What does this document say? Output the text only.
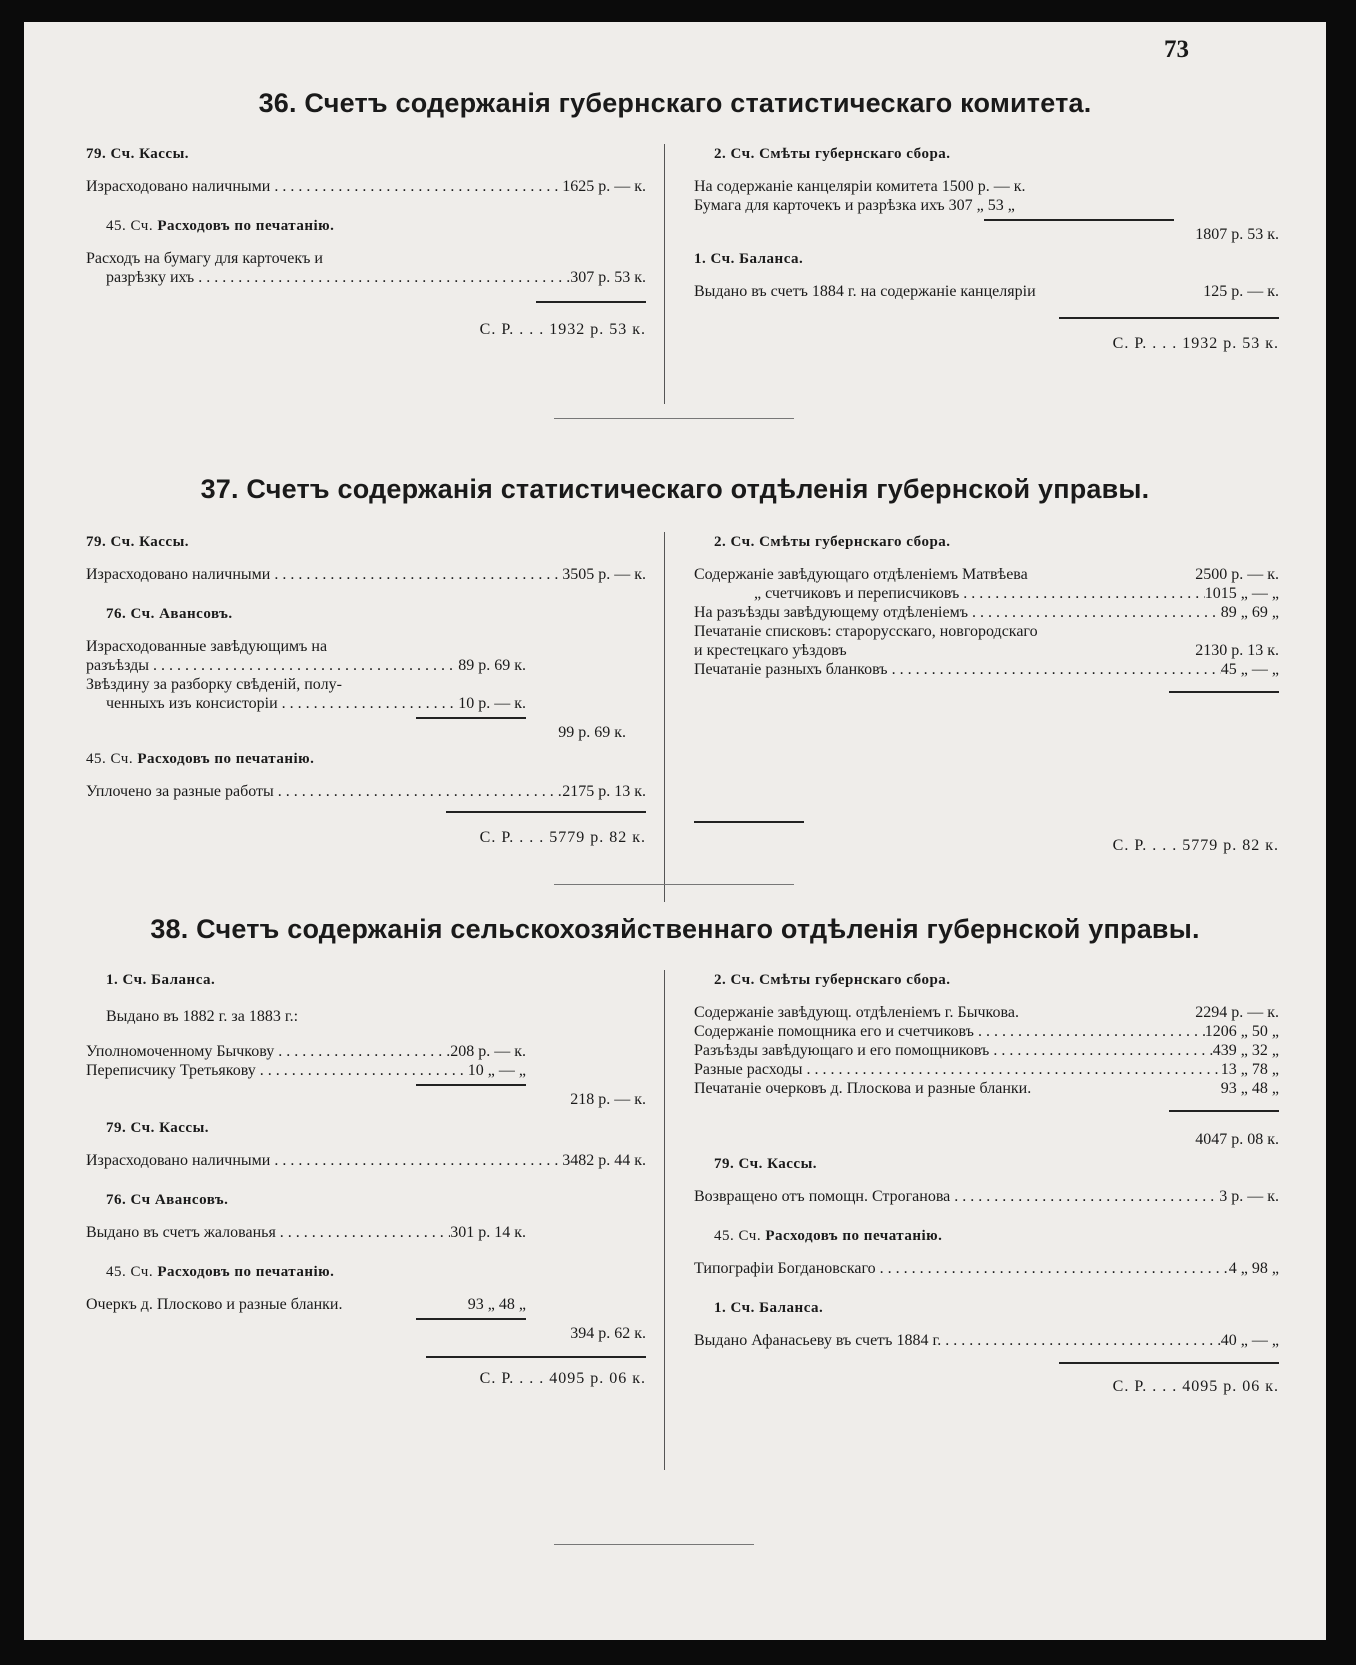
73
36. Счетъ содержанія губернскаго статистическаго комитета.
79. Сч. Кассы.
Израсходовано наличными . . .	1625 р. — к.
45. Сч. Расходовъ по печатанію.
Расходъ на бумагу для карточекъ и
разрѣзку ихъ . . .	307 р. 53 к.
С. Р. . . . 1932 р. 53 к.
2. Сч. Смѣты губернскаго сбора.
На содержаніе канцеляріи комитета 1500 р. — к.
Бумага для карточекъ и разрѣзка ихъ 307 „ 53 „
1807 р. 53 к.
1. Сч. Баланса.
Выдано въ счетъ 1884 г. на содержаніе канцеляріи	125 р. — к.
С. Р. . . . 1932 р. 53 к.
37. Счетъ содержанія статистическаго отдѣленія губернской управы.
79. Сч. Кассы.
Израсходовано наличными . . .	3505 р. — к.
76. Сч. Авансовъ.
Израсходованные завѣдующимъ на
разъѣзды . . .	89 р. 69 к.
Звѣздину за разборку свѣденій, полу-
ченныхъ изъ консисторіи . . .	10 р. — к.
99 р. 69 к.
45. Сч. Расходовъ по печатанію.
Уплочено за разные работы . . .	2175 р. 13 к.
С. Р. . . . 5779 р. 82 к.
2. Сч. Смѣты губернскаго сбора.
Содержаніе завѣдующаго отдѣленіемъ Матвѣева	2500 р. — к.
„ счетчиковъ и переписчиковъ . . .	1015 „ — „
На разъѣзды завѣдующему отдѣленіемъ . . .	89 „ 69 „
Печатаніе списковъ: старорусскаго, новгородскаго
и крестецкаго уѣздовъ	2130 р. 13 к.
Печатаніе разныхъ бланковъ . . .	45 „ — „
С. Р. . . . 5779 р. 82 к.
38. Счетъ содержанія сельскохозяйственнаго отдѣленія губернской управы.
1. Сч. Баланса.
Выдано въ 1882 г. за 1883 г.:
Уполномоченному Бычкову . . .	208 р. — к.
Переписчику Третьякову . . .	10 „ — „
218 р. — к.
79. Сч. Кассы.
Израсходовано наличными . . .	3482 р. 44 к.
76. Сч Авансовъ.
Выдано въ счетъ жалованья . . .	301 р. 14 к.
45. Сч. Расходовъ по печатанію.
Очеркъ д. Плосково и разные бланки.	93 „ 48 „
394 р. 62 к.
С. Р. . . . 4095 р. 06 к.
2. Сч. Смѣты губернскаго сбора.
Содержаніе завѣдующ. отдѣленіемъ г. Бычкова.	2294 р. — к.
Содержаніе помощника его и счетчиковъ . . .	1206 „ 50 „
Разъѣзды завѣдующаго и его помощниковъ . . .	439 „ 32 „
Разные расходы . . .	13 „ 78 „
Печатаніе очерковъ д. Плоскова и разные бланки.	93 „ 48 „
4047 р. 08 к.
79. Сч. Кассы.
Возвращено отъ помощн. Строганова . . .	3 р. — к.
45. Сч. Расходовъ по печатанію.
Типографіи Богдановскаго . . .	4 „ 98 „
1. Сч. Баланса.
Выдано Афанасьеву въ счетъ 1884 г. . . .	40 „ — „
С. Р. . . . 4095 р. 06 к.
